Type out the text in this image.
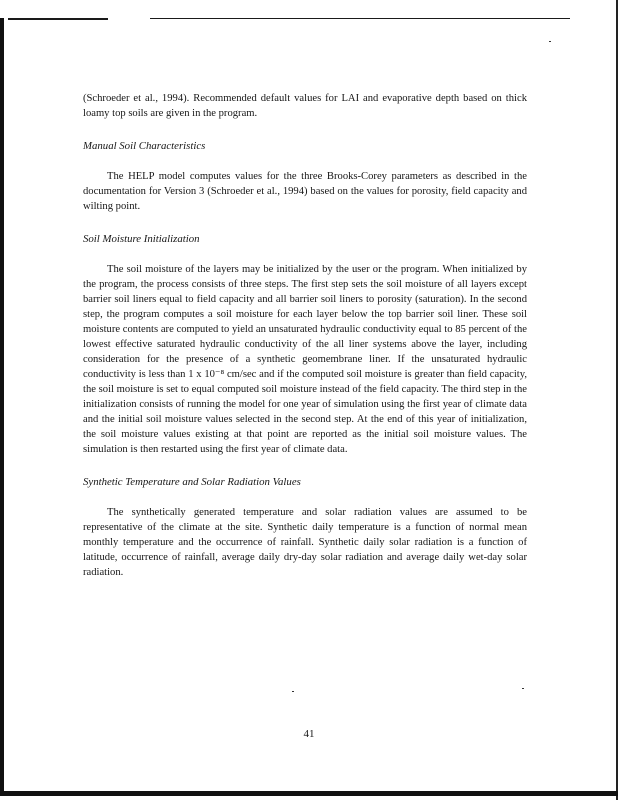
(Schroeder et al., 1994). Recommended default values for LAI and evaporative depth based on thick loamy top soils are given in the program.

Manual Soil Characteristics

The HELP model computes values for the three Brooks-Corey parameters as described in the documentation for Version 3 (Schroeder et al., 1994) based on the values for porosity, field capacity and wilting point.

Soil Moisture Initialization

The soil moisture of the layers may be initialized by the user or the program. When initialized by the program, the process consists of three steps. The first step sets the soil moisture of all layers except barrier soil liners equal to field capacity and all barrier soil liners to porosity (saturation). In the second step, the program computes a soil moisture for each layer below the top barrier soil liner. These soil moisture contents are computed to yield an unsaturated hydraulic conductivity equal to 85 percent of the lowest effective saturated hydraulic conductivity of the all liner systems above the layer, including consideration for the presence of a synthetic geomembrane liner. If the unsaturated hydraulic conductivity is less than 1 x 10⁻⁸ cm/sec and if the computed soil moisture is greater than field capacity, the soil moisture is set to equal computed soil moisture instead of the field capacity. The third step in the initialization consists of running the model for one year of simulation using the first year of climate data and the initial soil moisture values selected in the second step. At the end of this year of initialization, the soil moisture values existing at that point are reported as the initial soil moisture values. The simulation is then restarted using the first year of climate data.

Synthetic Temperature and Solar Radiation Values

The synthetically generated temperature and solar radiation values are assumed to be representative of the climate at the site. Synthetic daily temperature is a function of normal mean monthly temperature and the occurrence of rainfall. Synthetic daily solar radiation is a function of latitude, occurrence of rainfall, average daily dry-day solar radiation and average daily wet-day solar radiation.

41
